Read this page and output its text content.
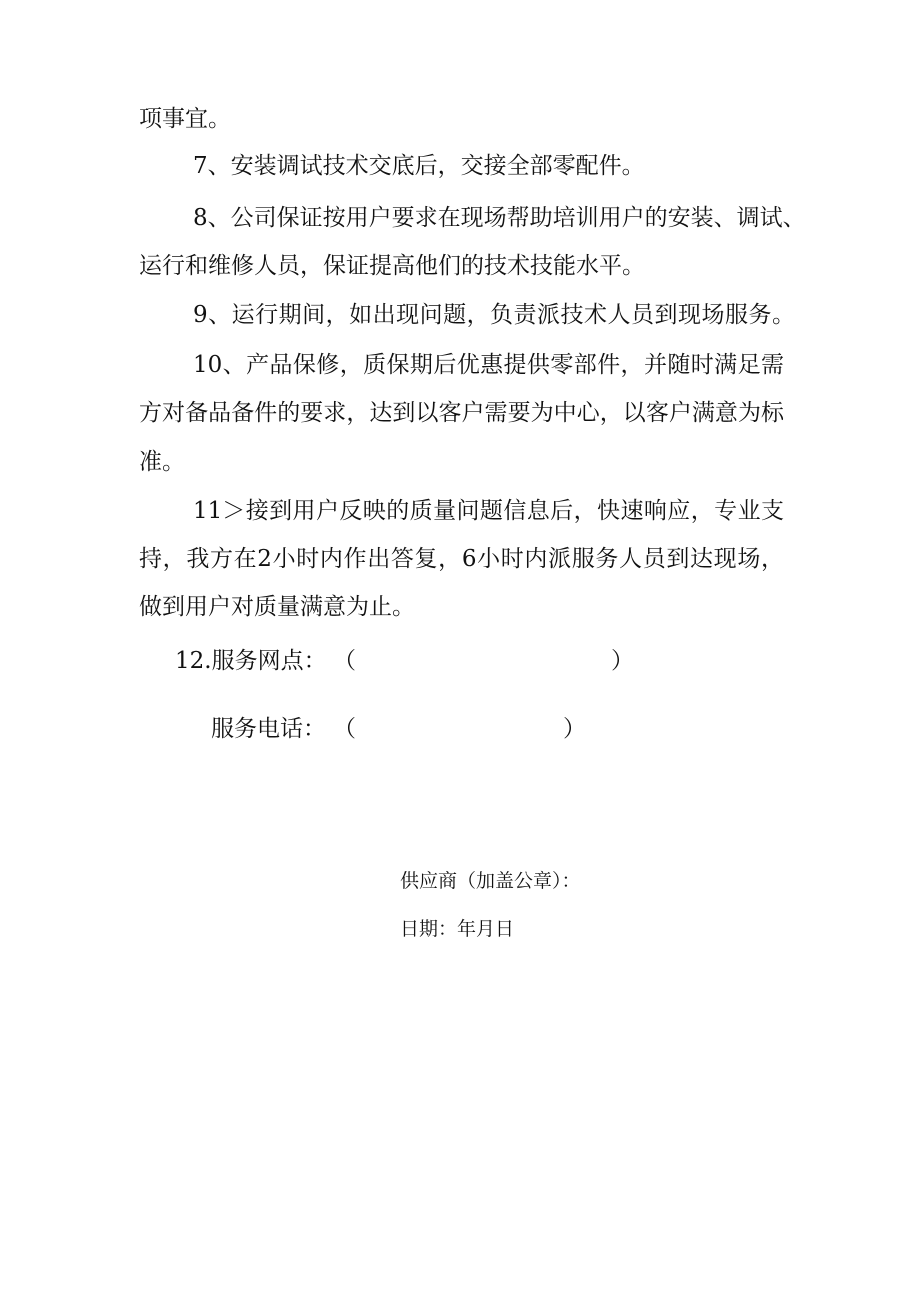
项事宜。

7、安装调试技术交底后，交接全部零配件。

8、公司保证按用户要求在现场帮助培训用户的安装、调试、

运行和维修人员，保证提高他们的技术技能水平。

9、运行期间，如出现问题，负责派技术人员到现场服务。

10、产品保修，质保期后优惠提供零部件，并随时满足需

方对备品备件的要求，达到以客户需要为中心，以客户满意为标

准。

11＞接到用户反映的质量问题信息后，快速响应，专业支

持，我方在2小时内作出答复，6小时内派服务人员到达现场，

做到用户对质量满意为止。

12.服务网点： （	）
服务电话： （	）

供应商（加盖公章）：

日期：年月日
